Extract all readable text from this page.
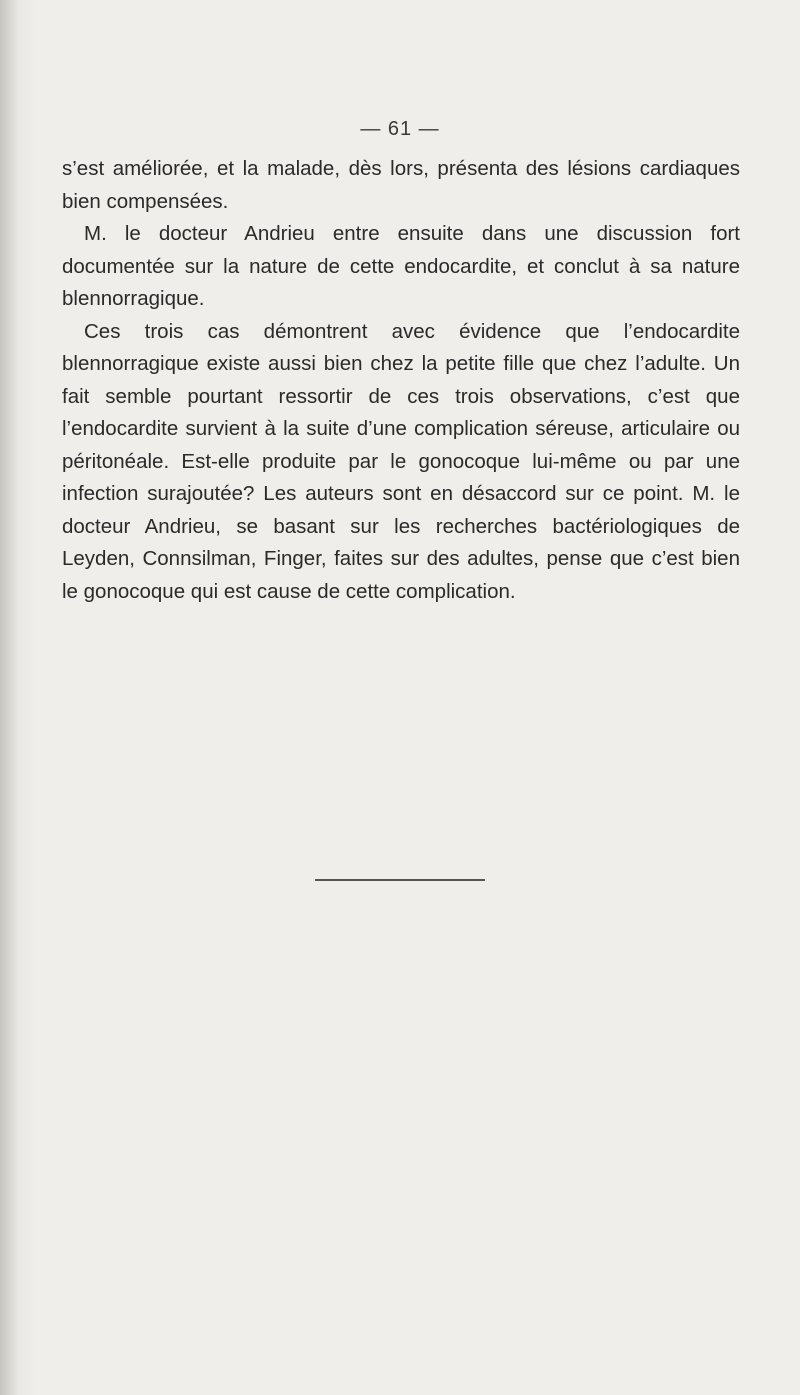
— 61 —

s’est améliorée, et la malade, dès lors, présenta des lésions cardiaques bien compensées.

M. le docteur Andrieu entre ensuite dans une discussion fort documentée sur la nature de cette endocardite, et conclut à sa nature blennorragique.

Ces trois cas démontrent avec évidence que l’endocardite blennorragique existe aussi bien chez la petite fille que chez l’adulte. Un fait semble pourtant ressortir de ces trois observations, c’est que l’endocardite survient à la suite d’une complication séreuse, articulaire ou péritonéale. Est-elle produite par le gonocoque lui-même ou par une infection surajoutée? Les auteurs sont en désaccord sur ce point. M. le docteur Andrieu, se basant sur les recherches bactériologiques de Leyden, Connsilman, Finger, faites sur des adultes, pense que c’est bien le gonocoque qui est cause de cette complication.
